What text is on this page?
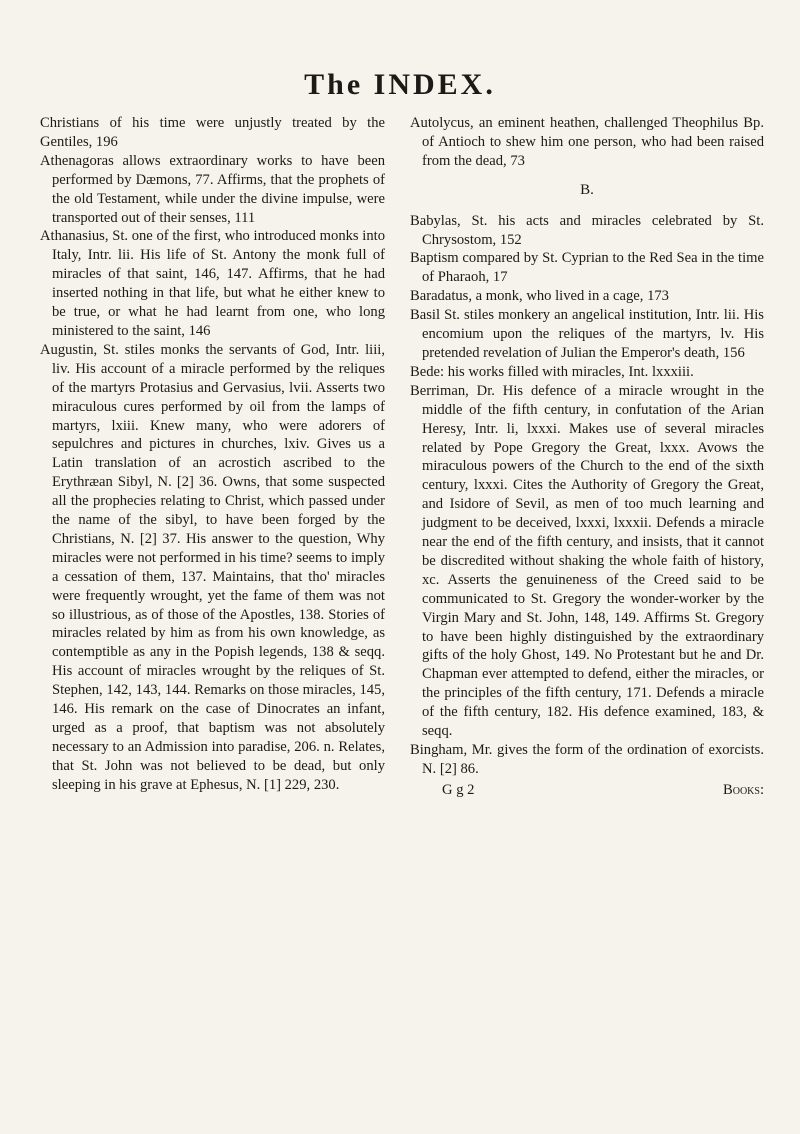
The INDEX.

Christians of his time were unjustly treated by the Gentiles, 196

Athenagoras allows extraordinary works to have been performed by Dæmons, 77. Affirms, that the prophets of the old Testament, while under the divine impulse, were transported out of their senses, 111

Athanasius, St. one of the first, who introduced monks into Italy, Intr. lii. His life of St. Antony the monk full of miracles of that saint, 146, 147. Affirms, that he had inserted nothing in that life, but what he either knew to be true, or what he had learnt from one, who long ministered to the saint, 146

Augustin, St. stiles monks the servants of God, Intr. liii, liv. His account of a miracle performed by the reliques of the martyrs Protasius and Gervasius, lvii. Asserts two miraculous cures performed by oil from the lamps of martyrs, lxiii. Knew many, who were adorers of sepulchres and pictures in churches, lxiv. Gives us a Latin translation of an acrostich ascribed to the Erythræan Sibyl, N. [2] 36. Owns, that some suspected all the prophecies relating to Christ, which passed under the name of the sibyl, to have been forged by the Christians, N. [2] 37. His answer to the question, Why miracles were not performed in his time? seems to imply a cessation of them, 137. Maintains, that tho' miracles were frequently wrought, yet the fame of them was not so illustrious, as of those of the Apostles, 138. Stories of miracles related by him as from his own knowledge, as contemptible as any in the Popish legends, 138 & seqq. His account of miracles wrought by the reliques of St. Stephen, 142, 143, 144. Remarks on those miracles, 145, 146. His remark on the case of Dinocrates an infant, urged as a proof, that baptism was not absolutely necessary to an Admission into paradise, 206. n. Relates, that St. John was not believed to be dead, but only sleeping in his grave at Ephesus, N. [1] 229, 230.

Autolycus, an eminent heathen, challenged Theophilus Bp. of Antioch to shew him one person, who had been raised from the dead, 73

B.

Babylas, St. his acts and miracles celebrated by St. Chrysostom, 152

Baptism compared by St. Cyprian to the Red Sea in the time of Pharaoh, 17

Baradatus, a monk, who lived in a cage, 173

Basil St. stiles monkery an angelical institution, Intr. lii. His encomium upon the reliques of the martyrs, lv. His pretended revelation of Julian the Emperor's death, 156

Bede: his works filled with miracles, Int. lxxxiii.

Berriman, Dr. His defence of a miracle wrought in the middle of the fifth century, in confutation of the Arian Heresy, Intr. li, lxxxi. Makes use of several miracles related by Pope Gregory the Great, lxxx. Avows the miraculous powers of the Church to the end of the sixth century, lxxxi. Cites the Authority of Gregory the Great, and Isidore of Sevil, as men of too much learning and judgment to be deceived, lxxxi, lxxxii. Defends a miracle near the end of the fifth century, and insists, that it cannot be discredited without shaking the whole faith of history, xc. Asserts the genuineness of the Creed said to be communicated to St. Gregory the wonder-worker by the Virgin Mary and St. John, 148, 149. Affirms St. Gregory to have been highly distinguished by the extraordinary gifts of the holy Ghost, 149. No Protestant but he and Dr. Chapman ever attempted to defend, either the miracles, or the principles of the fifth century, 171. Defends a miracle of the fifth century, 182. His defence examined, 183, & seqq.

Bingham, Mr. gives the form of the ordination of exorcists. N. [2] 86.

G g 2	Books:
